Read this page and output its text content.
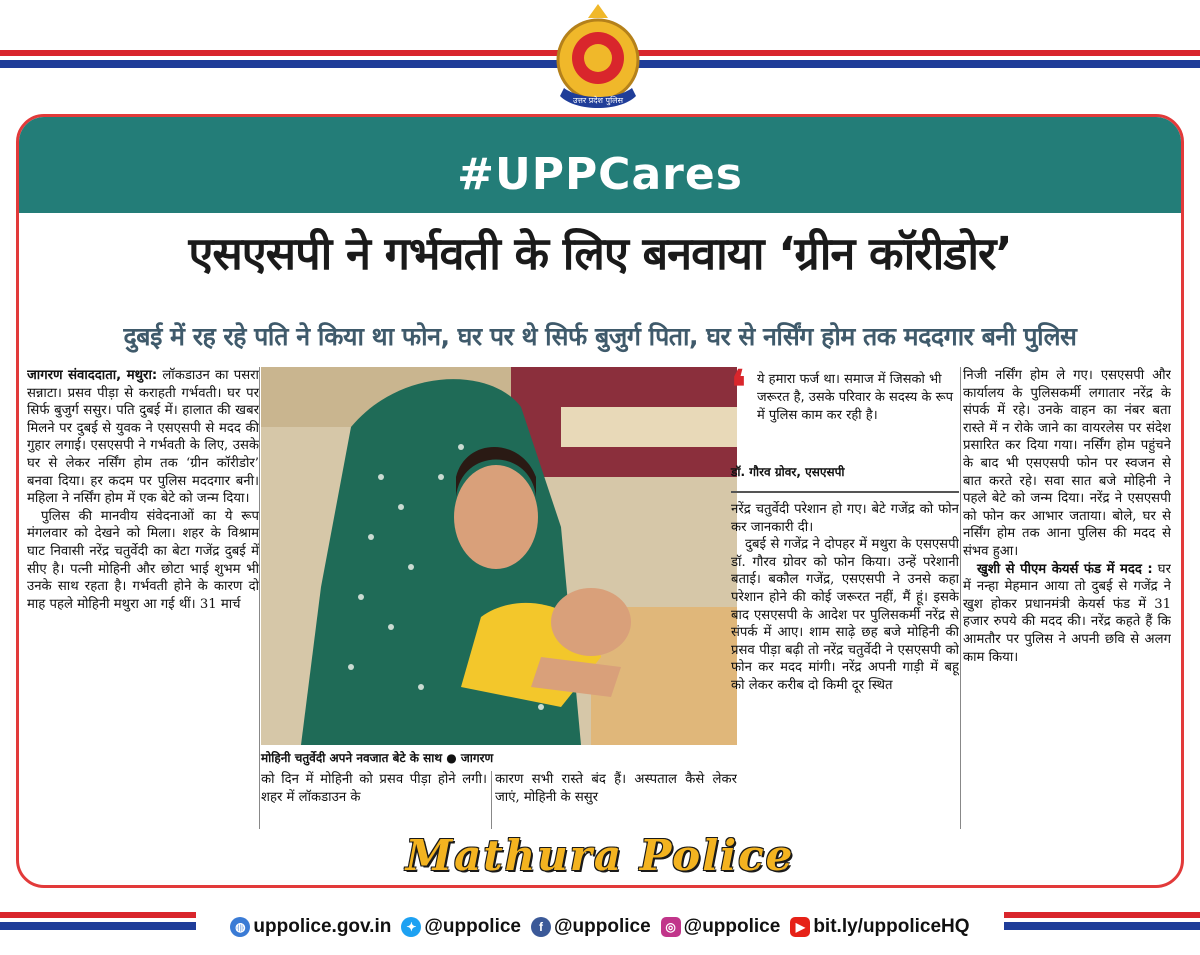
#UPPCares
एसएसपी ने गर्भवती के लिए बनवाया ‘ग्रीन कॉरीडोर’
दुबई में रह रहे पति ने किया था फोन, घर पर थे सिर्फ बुजुर्ग पिता, घर से नर्सिंग होम तक मददगार बनी पुलिस

जागरण संवाददाता, मथुरा: लॉकडाउन का पसरा सन्नाटा। प्रसव पीड़ा से कराहती गर्भवती। घर पर सिर्फ बुजुर्ग ससुर। पति दुबई में। हालात की खबर मिलने पर दुबई से युवक ने एसएसपी से मदद की गुहार लगाई। एसएसपी ने गर्भवती के लिए, उसके घर से लेकर नर्सिंग होम तक ‘ग्रीन कॉरीडोर’ बनवा दिया। हर कदम पर पुलिस मददगार बनी। महिला ने नर्सिंग होम में एक बेटे को जन्म दिया।

पुलिस की मानवीय संवेदनाओं का ये रूप मंगलवार को देखने को मिला। शहर के विश्राम घाट निवासी नरेंद्र चतुर्वेदी का बेटा गजेंद्र दुबई में सीए है। पत्नी मोहिनी और छोटा भाई शुभम भी उनके साथ रहता है। गर्भवती होने के कारण दो माह पहले मोहिनी मथुरा आ गई थीं। 31 मार्च

मोहिनी चतुर्वेदी अपने नवजात बेटे के साथ ● जागरण

को दिन में मोहिनी को प्रसव पीड़ा होने लगी। शहर में लॉकडाउन के

कारण सभी रास्ते बंद हैं। अस्पताल कैसे लेकर जाएं, मोहिनी के ससुर

❛ ये हमारा फर्ज था। समाज में जिसको भी जरूरत है, उसके परिवार के सदस्य के रूप में पुलिस काम कर रही है।
डॉ. गौरव ग्रोवर, एसएसपी

नरेंद्र चतुर्वेदी परेशान हो गए। बेटे गजेंद्र को फोन कर जानकारी दी।

दुबई से गजेंद्र ने दोपहर में मथुरा के एसएसपी डॉ. गौरव ग्रोवर को फोन किया। उन्हें परेशानी बताई। बकौल गजेंद्र, एसएसपी ने उनसे कहा परेशान होने की कोई जरूरत नहीं, मैं हूं। इसके बाद एसएसपी के आदेश पर पुलिसकर्मी नरेंद्र से संपर्क में आए। शाम साढ़े छह बजे मोहिनी की प्रसव पीड़ा बढ़ी तो नरेंद्र चतुर्वेदी ने एसएसपी को फोन कर मदद मांगी। नरेंद्र अपनी गाड़ी में बहू को लेकर करीब दो किमी दूर स्थित

निजी नर्सिंग होम ले गए। एसएसपी और कार्यालय के पुलिसकर्मी लगातार नरेंद्र के संपर्क में रहे। उनके वाहन का नंबर बता रास्ते में न रोके जाने का वायरलेस पर संदेश प्रसारित कर दिया गया। नर्सिंग होम पहुंचने के बाद भी एसएसपी फोन पर स्वजन से बात करते रहे। सवा सात बजे मोहिनी ने पहले बेटे को जन्म दिया। नरेंद्र ने एसएसपी को फोन कर आभार जताया। बोले, घर से नर्सिंग होम तक आना पुलिस की मदद से संभव हुआ।

खुशी से पीएम केयर्स फंड में मदद : घर में नन्हा मेहमान आया तो दुबई से गजेंद्र ने खुश होकर प्रधानमंत्री केयर्स फंड में 31 हजार रुपये की मदद की। नरेंद्र कहते हैं कि आमतौर पर पुलिस ने अपनी छवि से अलग काम किया।

Mathura Police
उत्तर प्रदेश पुलिस
◍ uppolice.gov.in	✦ @uppolice	f @uppolice	◎ @uppolice	▶ bit.ly/uppoliceHQ
